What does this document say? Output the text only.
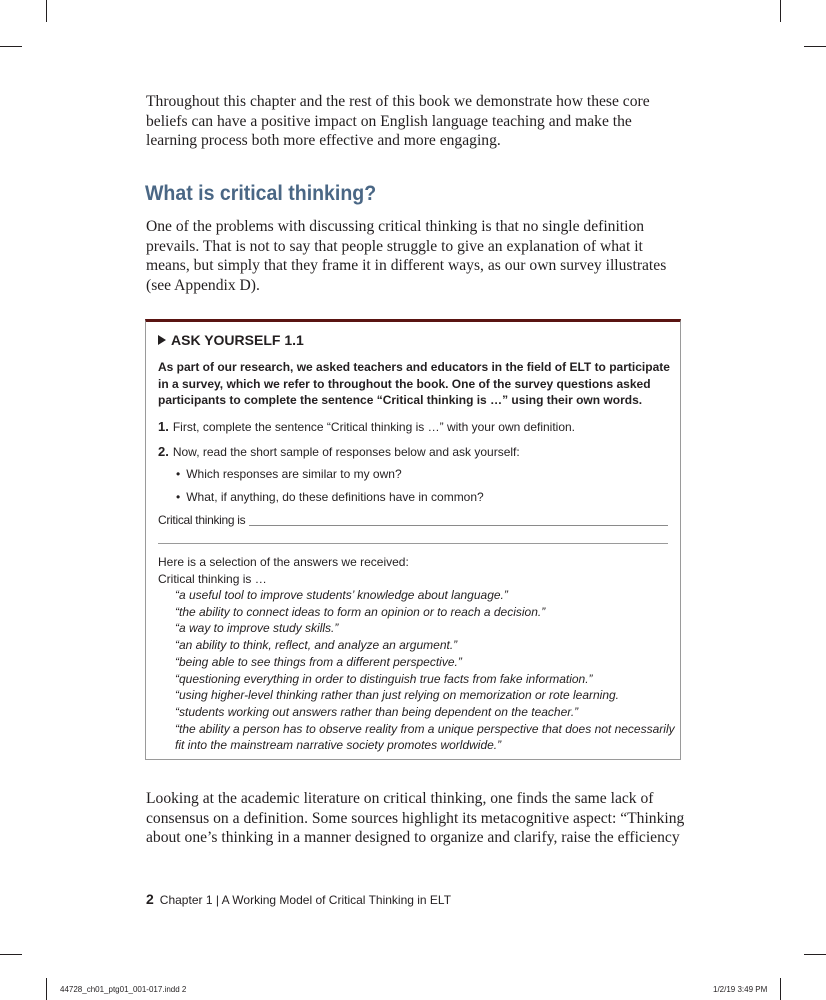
Throughout this chapter and the rest of this book we demonstrate how these core beliefs can have a positive impact on English language teaching and make the learning process both more effective and more engaging.

What is critical thinking?

One of the problems with discussing critical thinking is that no single definition prevails. That is not to say that people struggle to give an explanation of what it means, but simply that they frame it in different ways, as our own survey illustrates (see Appendix D).

ASK YOURSELF 1.1

As part of our research, we asked teachers and educators in the field of ELT to participate in a survey, which we refer to throughout the book. One of the survey questions asked participants to complete the sentence “Critical thinking is …” using their own words.

1. First, complete the sentence “Critical thinking is …” with your own definition.
2. Now, read the short sample of responses below and ask yourself:
• Which responses are similar to my own?
• What, if anything, do these definitions have in common?
Critical thinking is
Here is a selection of the answers we received:
Critical thinking is …
“a useful tool to improve students’ knowledge about language.”
“the ability to connect ideas to form an opinion or to reach a decision.”
“a way to improve study skills.”
“an ability to think, reflect, and analyze an argument.”
“being able to see things from a different perspective.”
“questioning everything in order to distinguish true facts from fake information.”
“using higher-level thinking rather than just relying on memorization or rote learning.
“students working out answers rather than being dependent on the teacher.”
“the ability a person has to observe reality from a unique perspective that does not necessarily
fit into the mainstream narrative society promotes worldwide.”

Looking at the academic literature on critical thinking, one finds the same lack of consensus on a definition. Some sources highlight its metacognitive aspect: “Thinking about one’s thinking in a manner designed to organize and clarify, raise the efficiency

2 Chapter 1 | A Working Model of Critical Thinking in ELT
44728_ch01_ptg01_001-017.indd 2	1/2/19 3:49 PM
